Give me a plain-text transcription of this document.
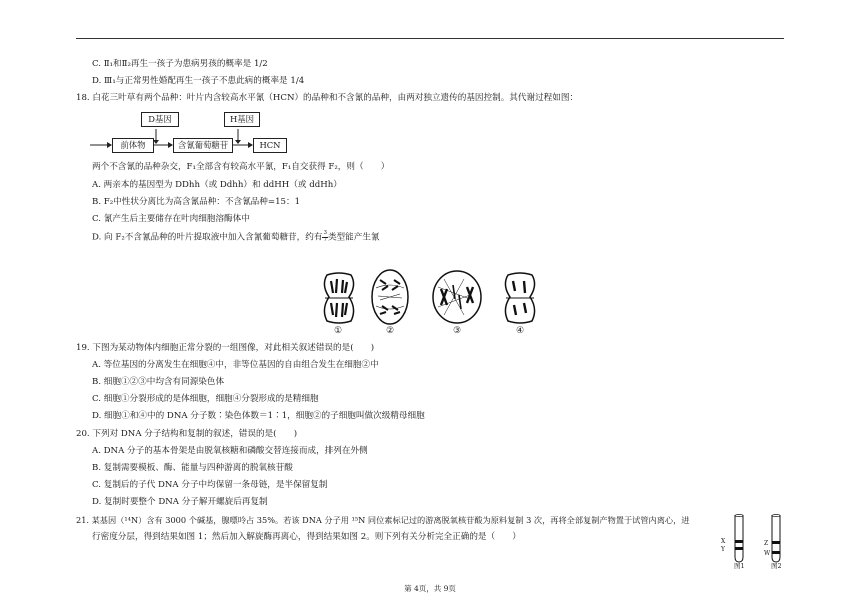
C. Ⅱ₁和Ⅱ₂再生一孩子为患病男孩的概率是 1/2
D. Ⅲ₁与正常男性婚配再生一孩子不患此病的概率是 1/4
18. 白花三叶草有两个品种：叶片内含较高水平氰（HCN）的品种和不含氰的品种，由两对独立遗传的基因控制。其代谢过程如图：
D基因	H基因
前体物	含氰葡萄糖苷	HCN
两个不含氰的品种杂交，F₁全部含有较高水平氰，F₁自交获得 F₂，则（　　）
A. 两亲本的基因型为 DDhh（或 Ddhh）和 ddHH（或 ddHh）
B. F₂中性状分离比为高含氰品种：不含氰品种=15：1
C. 氰产生后主要储存在叶肉细胞溶酶体中
D. 向 F₂不含氰品种的叶片提取液中加入含氰葡萄糖苷，约有 $\frac{3}{7}$ 类型能产生氰
①	②	③	④
19. 下图为某动物体内细胞正常分裂的一组图像，对此相关叙述错误的是(　　)
A. 等位基因的分离发生在细胞④中，非等位基因的自由组合发生在细胞②中
B. 细胞①②③中均含有同源染色体
C. 细胞①分裂形成的是体细胞，细胞④分裂形成的是精细胞
D. 细胞①和④中的 DNA 分子数∶染色体数＝1∶1，细胞②的子细胞叫做次级精母细胞
20. 下列对 DNA 分子结构和复制的叙述，错误的是(　　)
A. DNA 分子的基本骨架是由脱氧核糖和磷酸交替连接而成，排列在外侧
B. 复制需要模板、酶、能量与四种游离的脱氧核苷酸
C. 复制后的子代 DNA 分子中均保留一条母链，是半保留复制
D. 复制时要整个 DNA 分子解开螺旋后再复制
21. 某基因（¹⁴N）含有 3000 个碱基，腺嘌呤占 35%。若该 DNA 分子用 ¹⁵N 同位素标记过的游离脱氧核苷酸为原料复制 3 次，再将全部复制产物置于试管内离心，进
行密度分层，得到结果如图 1；然后加入解旋酶再离心，得到结果如图 2。则下列有关分析完全正确的是（　　）	X
Y
Z
W
图1	图2
第 4页，共 9页
